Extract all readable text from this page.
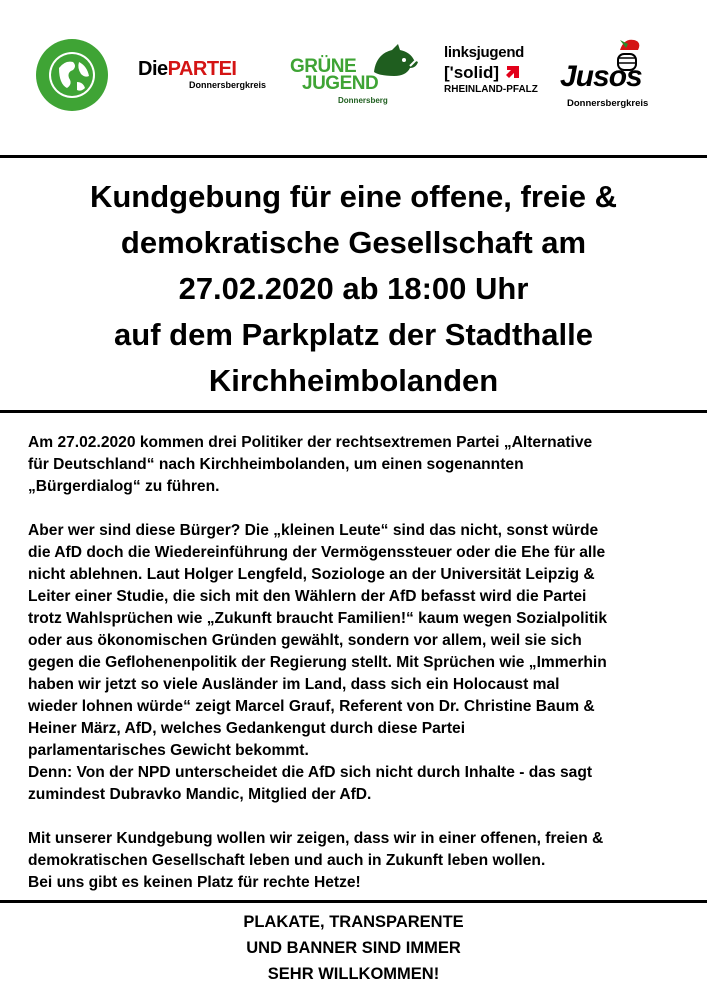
DiePARTEI
Donnersbergkreis
GRÜNE
JUGEND
Donnersberg
linksjugend
['solid]
RHEINLAND-PFALZ Jusos
Donnersbergkreis
Kundgebung für eine offene, freie &
demokratische Gesellschaft am
27.02.2020 ab 18:00 Uhr
auf dem Parkplatz der Stadthalle
Kirchheimbolanden

Am 27.02.2020 kommen drei Politiker der rechtsextremen Partei „Alternative
für Deutschland“ nach Kirchheimbolanden, um einen sogenannten
„Bürgerdialog“ zu führen.

Aber wer sind diese Bürger? Die „kleinen Leute“ sind das nicht, sonst würde
die AfD doch die Wiedereinführung der Vermögenssteuer oder die Ehe für alle
nicht ablehnen. Laut Holger Lengfeld, Soziologe an der Universität Leipzig &
Leiter einer Studie, die sich mit den Wählern der AfD befasst wird die Partei
trotz Wahlsprüchen wie „Zukunft braucht Familien!“ kaum wegen Sozialpolitik
oder aus ökonomischen Gründen gewählt, sondern vor allem, weil sie sich
gegen die Geflohenenpolitik der Regierung stellt. Mit Sprüchen wie „Immerhin
haben wir jetzt so viele Ausländer im Land, dass sich ein Holocaust mal
wieder lohnen würde“ zeigt Marcel Grauf, Referent von Dr. Christine Baum &
Heiner März, AfD, welches Gedankengut durch diese Partei
parlamentarisches Gewicht bekommt.

Denn: Von der NPD unterscheidet die AfD sich nicht durch Inhalte - das sagt
zumindest Dubravko Mandic, Mitglied der AfD.

Mit unserer Kundgebung wollen wir zeigen, dass wir in einer offenen, freien &
demokratischen Gesellschaft leben und auch in Zukunft leben wollen.
Bei uns gibt es keinen Platz für rechte Hetze!

PLAKATE, TRANSPARENTE
UND BANNER SIND IMMER
SEHR WILLKOMMEN!
